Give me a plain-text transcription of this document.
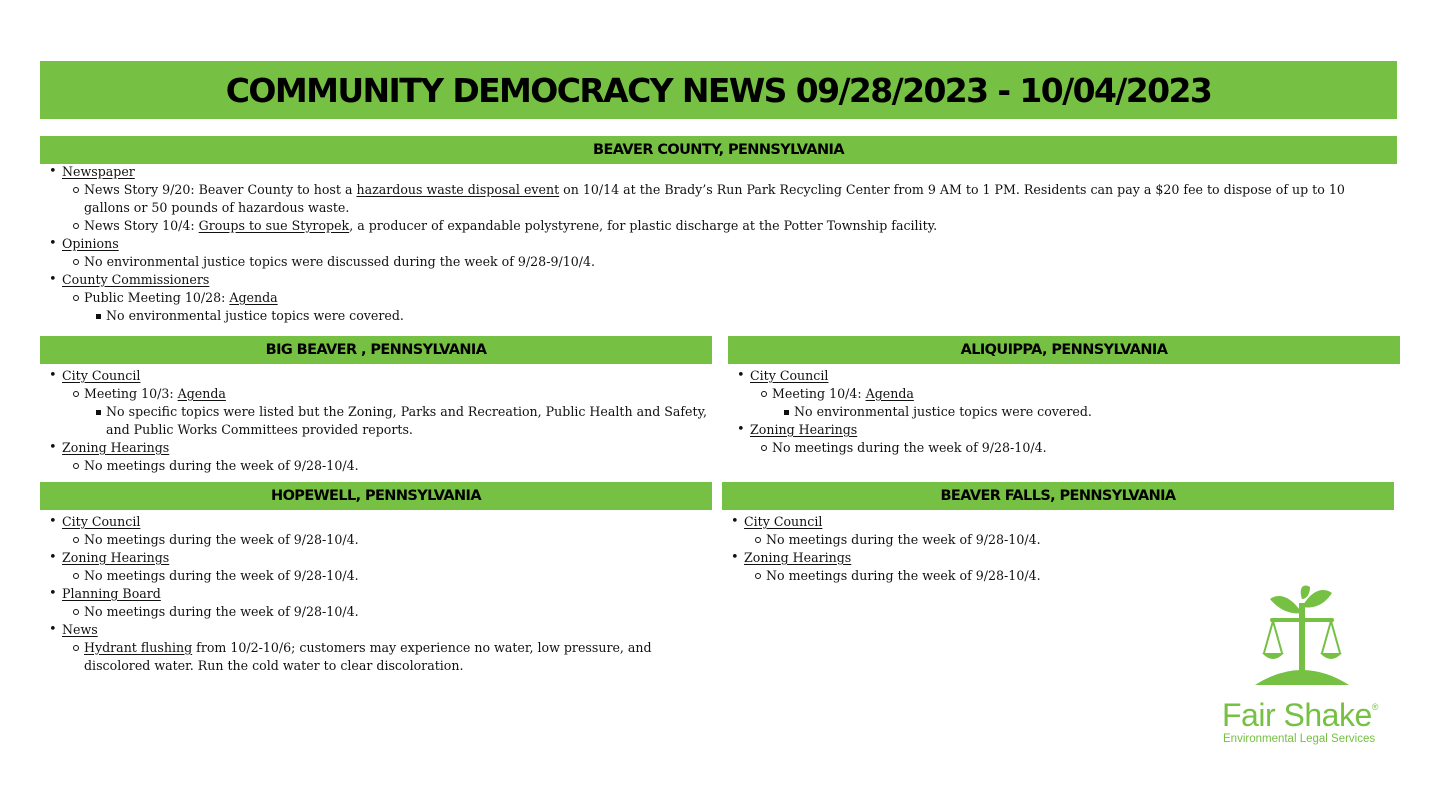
COMMUNITY DEMOCRACY NEWS 09/28/2023 - 10/04/2023
BEAVER COUNTY, PENNSYLVANIA
• Newspaper
News Story 9/20: Beaver County to host a hazardous waste disposal event on 10/14 at the Brady’s Run Park Recycling Center from 9 AM to 1 PM. Residents can pay a $20 fee to dispose of up to 10 gallons or 50 pounds of hazardous waste.
News Story 10/4: Groups to sue Styropek, a producer of expandable polystyrene, for plastic discharge at the Potter Township facility.
• Opinions
No environmental justice topics were discussed during the week of 9/28-9/10/4.
• County Commissioners
Public Meeting 10/28: Agenda
No environmental justice topics were covered.
BIG BEAVER , PENNSYLVANIA
• City Council
Meeting 10/3: Agenda
No specific topics were listed but the Zoning, Parks and Recreation, Public Health and Safety, and Public Works Committees provided reports.
• Zoning Hearings
No meetings during the week of 9/28-10/4.
ALIQUIPPA, PENNSYLVANIA
• City Council
Meeting 10/4: Agenda
No environmental justice topics were covered.
• Zoning Hearings
No meetings during the week of 9/28-10/4.
HOPEWELL, PENNSYLVANIA
• City Council
No meetings during the week of 9/28-10/4.
• Zoning Hearings
No meetings during the week of 9/28-10/4.
• Planning Board
No meetings during the week of 9/28-10/4.
• News
Hydrant flushing from 10/2-10/6; customers may experience no water, low pressure, and discolored water. Run the cold water to clear discoloration.
BEAVER FALLS, PENNSYLVANIA
• City Council
No meetings during the week of 9/28-10/4.
• Zoning Hearings
No meetings during the week of 9/28-10/4.
Fair Shake®
Environmental Legal Services
